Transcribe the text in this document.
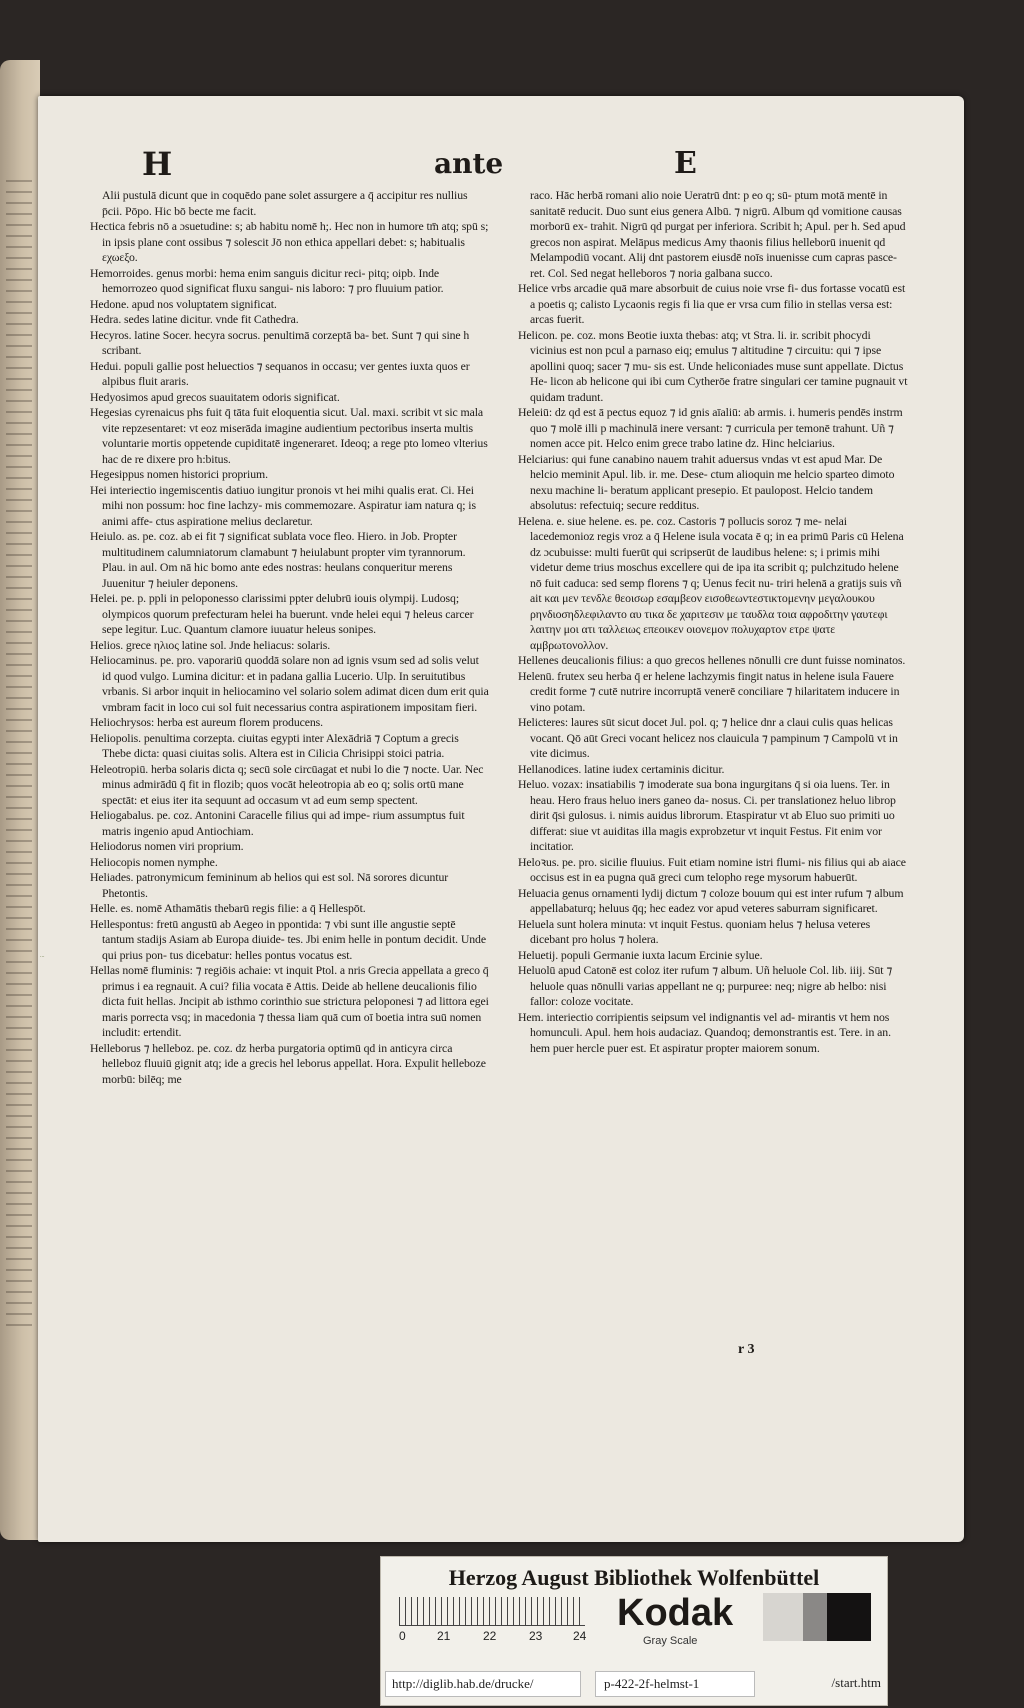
H	ante	E

Alii pustulā dicunt que in coquēdo pane solet assurgere a q̄ accipitur res nullius p̄cii. Pōpo. Hic bō becte me facit.

Hectica febris nō a ɔsuetudine: s; ab habitu nomē h;. Hec non in humore tm̄ atq; spū s; in ipsis plane cont ossibus ⁊ solescit Jō non ethica appellari debet: s; habitualis εχωεξο.

Hemorroides. genus morbi: hema enim sanguis dicitur reci- pitq; oipb. Inde hemorrozeo quod significat fluxu sangui- nis laboro: ⁊ pro fluuium patior.

Hedone. apud nos voluptatem significat.

Hedra. sedes latine dicitur. vnde fit Cathedra.

Hecyros. latine Socer. hecyra socrus. penultimā corzeptā ba- bet. Sunt ⁊ qui sine h scribant.

Hedui. populi gallie post heluectios ⁊ sequanos in occasu; ver gentes iuxta quos er alpibus fluit araris.

Hedyosimos apud grecos suauitatem odoris significat.

Hegesias cyrenaicus phs fuit q̄ tāta fuit eloquentia sicut. Ual. maxi. scribit vt sic mala vite repzesentaret: vt eoz miserāda imagine audientium pectoribus inserta multis voluntarie mortis oppetende cupiditatē ingeneraret. Ideoq; a rege pto lomeo vlterius hac de re dixere pro h:bitus.

Hegesippus nomen historici proprium.

Hei interiectio ingemiscentis datiuo iungitur pronois vt hei mihi qualis erat. Ci. Hei mihi non possum: hoc fine lachzy- mis commemozare. Aspiratur iam natura q; is animi affe- ctus aspiratione melius declaretur.

Heiulo. as. pe. coz. ab ei fit ⁊ significat sublata voce fleo. Hiero. in Job. Propter multitudinem calumniatorum clamabunt ⁊ heiulabunt propter vim tyrannorum. Plau. in aul. Om nā hic bomo ante edes nostras: heulans conqueritur merens Juuenitur ⁊ heiuler deponens.

Helei. pe. p. ppli in peloponesso clarissimi ppter delubrū iouis olympij. Ludosq; olympicos quorum prefecturam helei ha buerunt. vnde helei equi ⁊ heleus carcer sepe legitur. Luc. Quantum clamore iuuatur heleus sonipes.

Helios. grece ηλιος latine sol. Jnde heliacus: solaris.

Heliocaminus. pe. pro. vaporariū quoddā solare non ad ignis vsum sed ad solis velut id quod vulgo. Lumina dicitur: et in padana gallia Lucerio. Ulp. In seruitutibus vrbanis. Si arbor inquit in heliocamino vel solario solem adimat dicen dum erit quia vmbram facit in loco cui sol fuit necessarius contra aspirationem impositam fieri.

Heliochrysos: herba est aureum florem producens.

Heliopolis. penultima corzepta. ciuitas egypti inter Alexādriā ⁊ Coptum a grecis Thebe dicta: quasi ciuitas solis. Altera est in Cilicia Chrisippi stoici patria.

Heleotropiū. herba solaris dicta q; secū sole circūagat et nubi lo die ⁊ nocte. Uar. Nec minus admirādū q̄ fit in flozib; quos vocāt heleotropia ab eo q; solis ortū mane spectāt: et eius iter ita sequunt ad occasum vt ad eum semp spectent.

Heliogabalus. pe. coz. Antonini Caracelle filius qui ad impe- rium assumptus fuit matris ingenio apud Antiochiam.

Heliodorus nomen viri proprium.

Heliocopis nomen nymphe.

Heliades. patronymicum femininum ab helios qui est sol. Nā sorores dicuntur Phetontis.

Helle. es. nomē Athamātis thebarū regis filie: a q̄ Hellespōt.

Hellespontus: fretū angustū ab Aegeo in ppontida: ⁊ vbi sunt ille angustie septē tantum stadijs Asiam ab Europa diuide- tes. Jbi enim helle in pontum decidit. Unde qui prius pon- tus dicebatur: helles pontus vocatus est.

Hellas nomē fluminis: ⁊ regiōis achaie: vt inquit Ptol. a nris Grecia appellata a greco q̄ primus i ea regnauit. A cui? filia vocata ē Attis. Deide ab hellene deucalionis filio dicta fuit hellas. Jncipit ab isthmo corinthio sue strictura peloponesi ⁊ ad littora egei maris porrecta vsq; in macedonia ⁊ thessa liam quā cum oī boetia intra suū nomen includit: ertendit.

Helleborus ⁊ helleboz. pe. coz. dz herba purgatoria optimū qd in anticyra circa helleboz fluuiū gignit atq; ide a grecis hel leborus appellat. Hora. Expulit helleboze morbū: bilēq; me

raco. Hāc herbā romani alio noie Ueratrū dnt: p eo q; sū- ptum motā mentē in sanitatē reducit. Duo sunt eius genera Albū. ⁊ nigrū. Album qd vomitione causas morborū ex- trahit. Nigrū qd purgat per inferiora. Scribit h; Apul. per h. Sed apud grecos non aspirat. Melāpus medicus Amy thaonis filius helleborū inuenit qd Melampodiū vocant. Alij dnt pastorem eiusdē noīs inuenisse cum capras pasce- ret. Col. Sed negat helleboros ⁊ noria galbana succo.

Helice vrbs arcadie quā mare absorbuit de cuius noie vrse fi- dus fortasse vocatū est a poetis q; calisto Lycaonis regis fi lia que er vrsa cum filio in stellas versa est: arcas fuerit.

Helicon. pe. coz. mons Beotie iuxta thebas: atq; vt Stra. li. ir. scribit phocydi vicinius est non pcul a parnaso eiq; emulus ⁊ altitudine ⁊ circuitu: qui ⁊ ipse apollini quoq; sacer ⁊ mu- sis est. Unde heliconiades muse sunt appellate. Dictus He- licon ab helicone qui ibi cum Cytherōe fratre singulari cer tamine pugnauit vt quidam tradunt.

Heleiū: dz qd est ā pectus equoz ⁊ id gnis aīaliū: ab armis. i. humeris pendēs instrm quo ⁊ molē illi p machinulā inere versant: ⁊ curricula per temonē trahunt. Uñ ⁊ nomen acce pit. Helco enim grece trabo latine dz. Hinc helciarius.

Helciarius: qui fune canabino nauem trahit aduersus vndas vt est apud Mar. De helcio meminit Apul. lib. ir. me. Dese- ctum alioquin me helcio sparteo dimoto nexu machine li- beratum applicant presepio. Et paulopost. Helcio tandem absolutus: refectuiq; secure redditus.

Helena. e. siue helene. es. pe. coz. Castoris ⁊ pollucis soroz ⁊ me- nelai lacedemonioz regis vroz a q̄ Helene isula vocata ē q; in ea primū Paris cū Helena dz ɔcubuisse: multi fuerūt qui scripserūt de laudibus helene: s; i primis mihi videtur deme trius moschus excellere qui de ipa ita scribit q; pulchzitudo helene nō fuit caduca: sed semp florens ⁊ q; Uenus fecit nu- triri helenā a gratijs suis vñ ait και μεν τενδλε θεοισωρ εσαμβεον εισοθεωντεστικτομενην μεγαλουκου ρηνδιοσηδλεφιλαντο αυ τικα δε χαριτεσιν με ταυδλα τοια αφροδιτην γαυτεφι λαιτην μοι ατι ταλλειως επεοικεν οιονεμον πολυχαρτον ετρε ψατε αμβρωτονολλον.

Hellenes deucalionis filius: a quo grecos hellenes nōnulli cre dunt fuisse nominatos.

Helenū. frutex seu herba q̄ er helene lachzymis fingit natus in helene isula Fauere credit forme ⁊ cutē nutrire incorruptā venerē conciliare ⁊ hilaritatem inducere in vino potam.

Helicteres: laures sūt sicut docet Jul. pol. q; ⁊ helice dnr a claui culis quas helicas vocant. Qō aūt Greci vocant helicez nos clauicula ⁊ pampinum ⁊ Campolū vt in vite dicimus.

Hellanodices. latine iudex certaminis dicitur.

Heluo. vozax: insatiabilis ⁊ imoderate sua bona ingurgitans q̄ si oia luens. Ter. in heau. Hero fraus heluo iners ganeo da- nosus. Ci. per translationez heluo librop dirit q̄si gulosus. i. nimis auidus librorum. Etaspiratur vt ab Eluo suo primiti uo differat: siue vt auiditas illa magis exprobzetur vt inquit Festus. Fit enim vor incitatior.

Heloꝛus. pe. pro. sicilie fluuius. Fuit etiam nomine istri flumi- nis filius qui ab aiace occisus est in ea pugna quā greci cum telopho rege mysorum habuerūt.

Heluacia genus ornamenti lydij dictum ⁊ coloze bouum qui est inter rufum ⁊ album appellabaturq; heluus q̄q; hec eadez vor apud veteres saburram significaret.

Heluela sunt holera minuta: vt inquit Festus. quoniam helus ⁊ helusa veteres dicebant pro holus ⁊ holera.

Heluetij. populi Germanie iuxta lacum Ercinie sylue.

Heluolū apud Catonē est coloz iter rufum ⁊ album. Uñ heluole Col. lib. iiij. Sūt ⁊ heluole quas nōnulli varias appellant ne q; purpuree: neq; nigre ab helbo: nisi fallor: coloze vocitate.

Hem. interiectio corripientis seipsum vel indignantis vel ad- mirantis vt hem nos homunculi. Apul. hem hois audaciaz. Quandoq; demonstrantis est. Tere. in an. hem puer hercle puer est. Et aspiratur propter maiorem sonum.

r 3
...
Herzog August Bibliothek Wolfenbüttel
0	21	22	23	24
Kodak
Gray Scale
http://diglib.hab.de/drucke/	p-422-2f-helmst-1	/start.htm
